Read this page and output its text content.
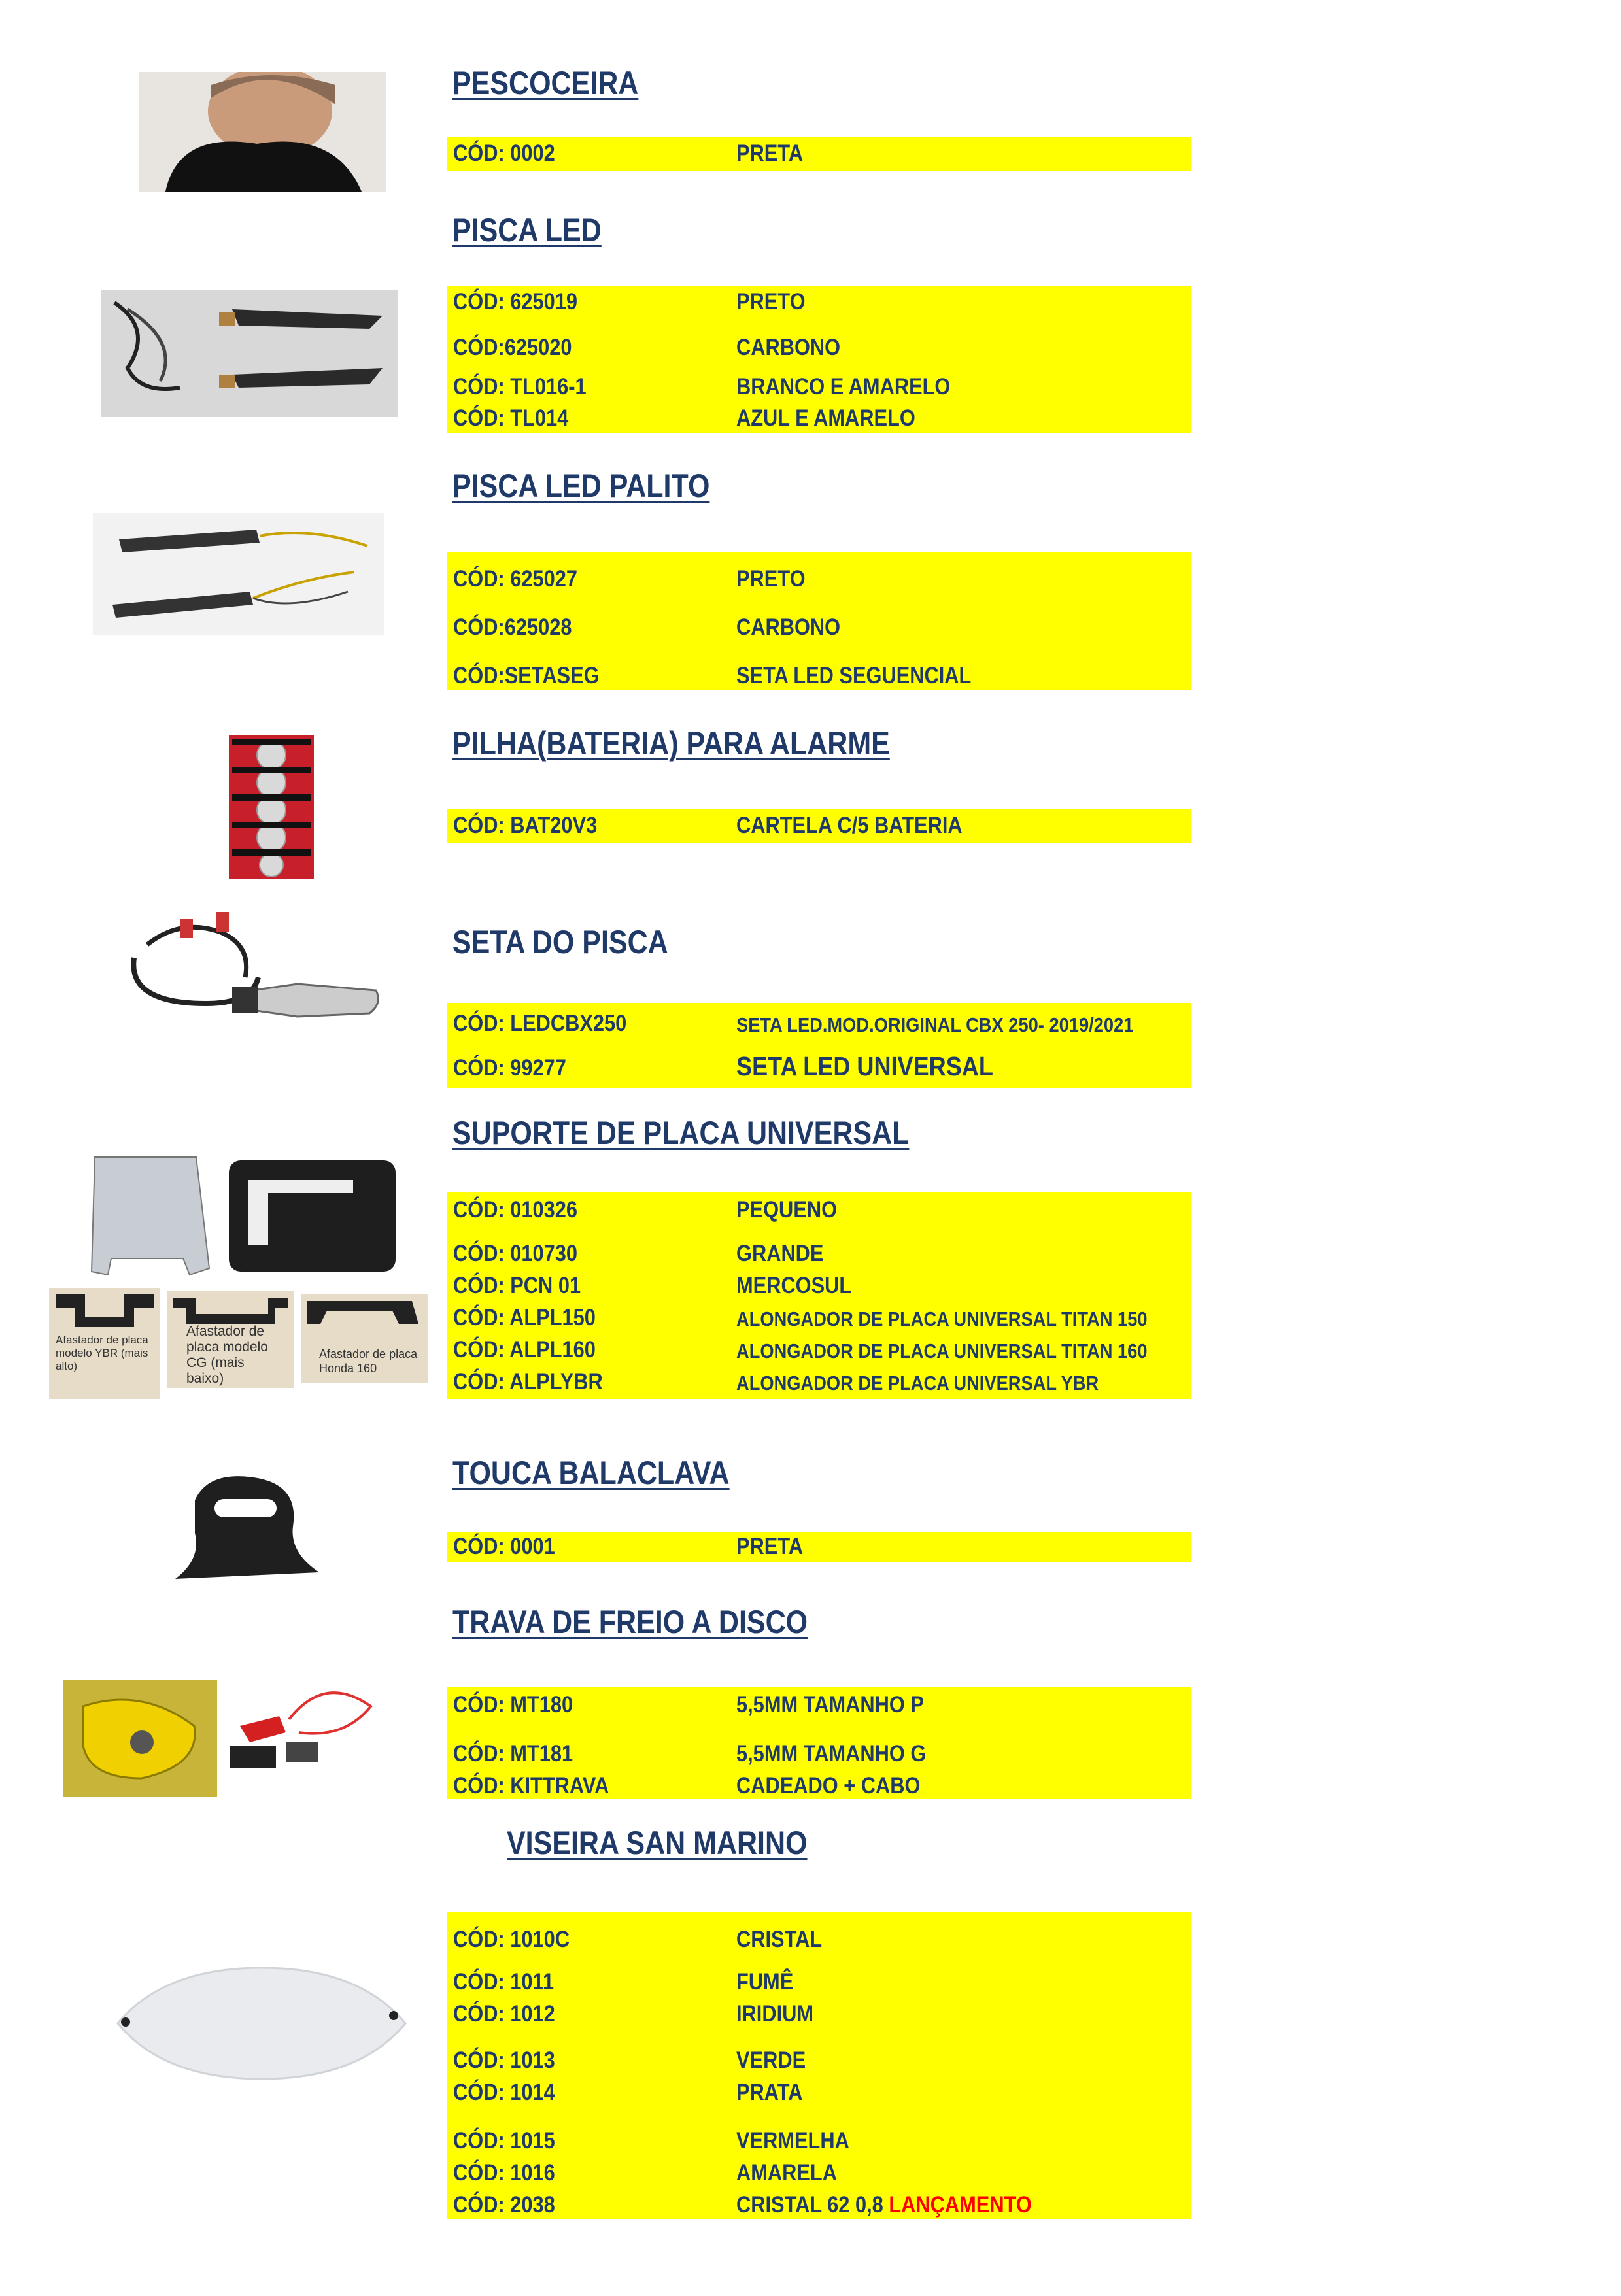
Afastador de placa modelo YBR (mais alto)
Afastador de placa modelo CG (mais baixo)
Afastador de placa Honda 160
PESCOCEIRA
PISCA LED
PISCA LED PALITO
PILHA(BATERIA) PARA ALARME
SETA DO PISCA
SUPORTE DE PLACA UNIVERSAL
TOUCA BALACLAVA
TRAVA DE FREIO A DISCO
VISEIRA SAN MARINO
CÓD: 0002	PRETA
CÓD: 625019	PRETO
CÓD:625020	CARBONO
CÓD: TL016-1	BRANCO E AMARELO
CÓD: TL014	AZUL E AMARELO
CÓD: 625027	PRETO
CÓD:625028	CARBONO
CÓD:SETASEG	SETA LED SEGUENCIAL
CÓD: BAT20V3	CARTELA C/5 BATERIA
CÓD: LEDCBX250	SETA LED.MOD.ORIGINAL CBX 250- 2019/2021
CÓD: 99277	SETA LED UNIVERSAL
CÓD: 010326	PEQUENO
CÓD: 010730	GRANDE
CÓD: PCN 01	MERCOSUL
CÓD: ALPL150	ALONGADOR DE PLACA UNIVERSAL TITAN 150
CÓD: ALPL160	ALONGADOR DE PLACA UNIVERSAL TITAN 160
CÓD: ALPLYBR	ALONGADOR DE PLACA UNIVERSAL YBR
CÓD: 0001	PRETA
CÓD: MT180	5,5MM TAMANHO P
CÓD: MT181	5,5MM TAMANHO G
CÓD: KITTRAVA	CADEADO + CABO
CÓD: 1010C	CRISTAL
CÓD: 1011	FUMÊ
CÓD: 1012	IRIDIUM
CÓD: 1013	VERDE
CÓD: 1014	PRATA
CÓD: 1015	VERMELHA
CÓD: 1016	AMARELA
CÓD: 2038	CRISTAL 62 0,8 LANÇAMENTO
